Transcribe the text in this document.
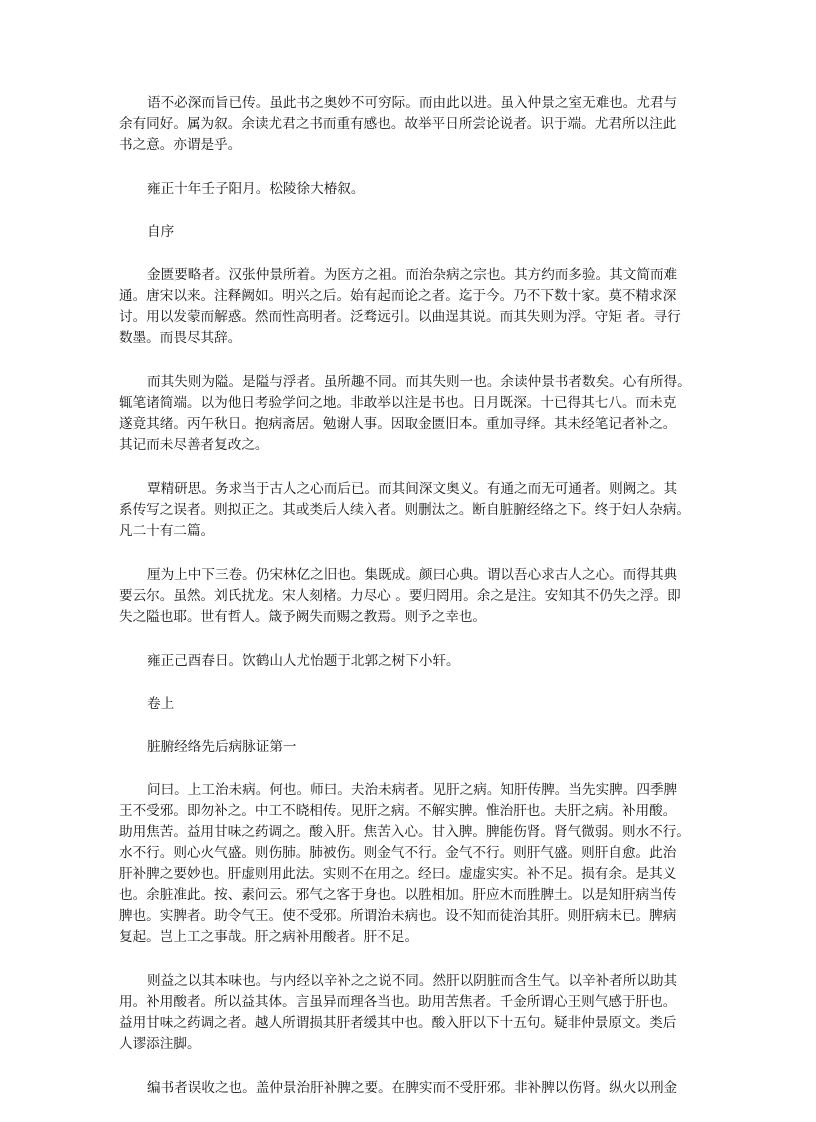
语不必深而旨已传。虽此书之奥妙不可穷际。而由此以进。虽入仲景之室无难也。尤君与
余有同好。属为叙。余读尤君之书而重有感也。故举平日所尝论说者。识于端。尤君所以注此
书之意。亦谓是乎。

雍正十年壬子阳月。松陵徐大椿叙。

自序

金匮要略者。汉张仲景所着。为医方之祖。而治杂病之宗也。其方约而多验。其文简而难
通。唐宋以来。注释阙如。明兴之后。始有起而论之者。迄于今。乃不下数十家。莫不精求深
讨。用以发蒙而解惑。然而性高明者。泛骛远引。以曲逞其说。而其失则为浮。守矩 者。寻行
数墨。而畏尽其辞。

而其失则为隘。是隘与浮者。虽所趣不同。而其失则一也。余读仲景书者数矣。心有所得。
辄笔诸简端。以为他日考验学问之地。非敢举以注是书也。日月既深。十已得其七八。而未克
遂竟其绪。丙午秋日。抱病斋居。勉谢人事。因取金匮旧本。重加寻绎。其未经笔记者补之。
其记而未尽善者复改之。

覃精研思。务求当于古人之心而后已。而其间深文奥义。有通之而无可通者。则阙之。其
系传写之误者。则拟正之。其或类后人续入者。则删汰之。断自脏腑经络之下。终于妇人杂病。
凡二十有二篇。

厘为上中下三卷。仍宋林亿之旧也。集既成。颜曰心典。谓以吾心求古人之心。而得其典
要云尔。虽然。刘氏扰龙。宋人刻楮。力尽心 。要归罔用。余之是注。安知其不仍失之浮。即
失之隘也耶。世有哲人。箴予阙失而赐之教焉。则予之幸也。

雍正己酉春日。饮鹤山人尤怡题于北郭之树下小轩。

卷上

脏腑经络先后病脉证第一

问曰。上工治未病。何也。师曰。夫治未病者。见肝之病。知肝传脾。当先实脾。四季脾
王不受邪。即勿补之。中工不晓相传。见肝之病。不解实脾。惟治肝也。夫肝之病。补用酸。
助用焦苦。益用甘味之药调之。酸入肝。焦苦入心。甘入脾。脾能伤肾。肾气微弱。则水不行。
水不行。则心火气盛。则伤肺。肺被伤。则金气不行。金气不行。则肝气盛。则肝自愈。此治
肝补脾之要妙也。肝虚则用此法。实则不在用之。经曰。虚虚实实。补不足。损有余。是其义
也。余脏准此。按、素问云。邪气之客于身也。以胜相加。肝应木而胜脾土。以是知肝病当传
脾也。实脾者。助令气王。使不受邪。所谓治未病也。设不知而徒治其肝。则肝病未已。脾病
复起。岂上工之事哉。肝之病补用酸者。肝不足。

则益之以其本味也。与内经以辛补之之说不同。然肝以阴脏而含生气。以辛补者所以助其
用。补用酸者。所以益其体。言虽异而理各当也。助用苦焦者。千金所谓心王则气感于肝也。
益用甘味之药调之者。越人所谓损其肝者缓其中也。酸入肝以下十五句。疑非仲景原文。类后
人谬添注脚。

编书者误收之也。盖仲景治肝补脾之要。在脾实而不受肝邪。非补脾以伤肾。纵火以刑金
